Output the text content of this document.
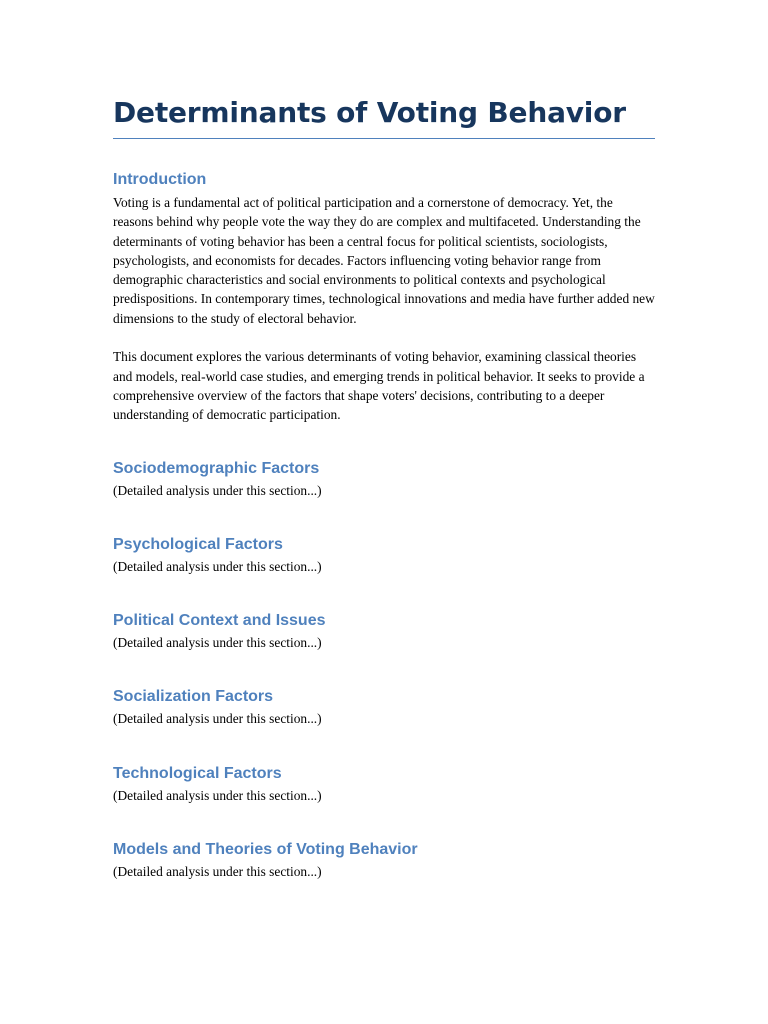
Determinants of Voting Behavior
Introduction

Voting is a fundamental act of political participation and a cornerstone of democracy. Yet, the reasons behind why people vote the way they do are complex and multifaceted. Understanding the determinants of voting behavior has been a central focus for political scientists, sociologists, psychologists, and economists for decades. Factors influencing voting behavior range from demographic characteristics and social environments to political contexts and psychological predispositions. In contemporary times, technological innovations and media have further added new dimensions to the study of electoral behavior.

This document explores the various determinants of voting behavior, examining classical theories and models, real-world case studies, and emerging trends in political behavior. It seeks to provide a comprehensive overview of the factors that shape voters' decisions, contributing to a deeper understanding of democratic participation.

Sociodemographic Factors

(Detailed analysis under this section...)

Psychological Factors

(Detailed analysis under this section...)

Political Context and Issues

(Detailed analysis under this section...)

Socialization Factors

(Detailed analysis under this section...)

Technological Factors

(Detailed analysis under this section...)

Models and Theories of Voting Behavior

(Detailed analysis under this section...)
